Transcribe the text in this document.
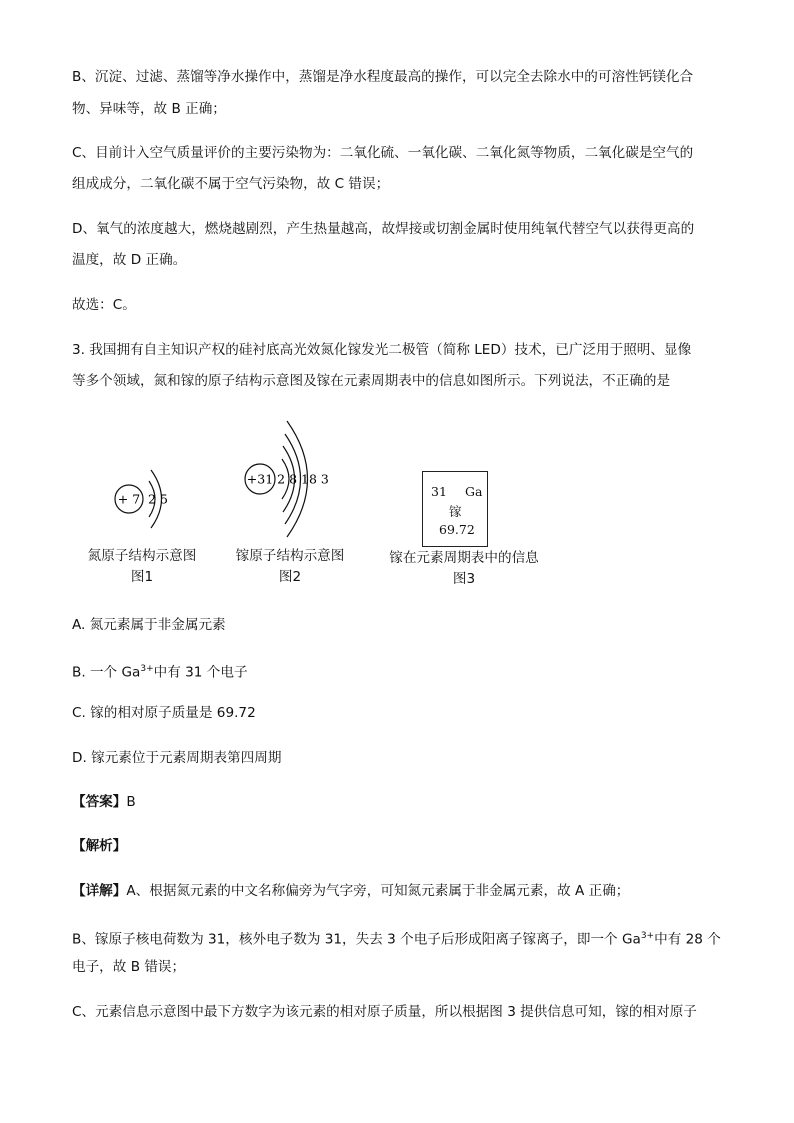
B、沉淀、过滤、蒸馏等净水操作中，蒸馏是净水程度最高的操作，可以完全去除水中的可溶性钙镁化合
物、异味等，故 B 正确；
C、目前计入空气质量评价的主要污染物为：二氧化硫、一氧化碳、二氧化氮等物质，二氧化碳是空气的
组成成分，二氧化碳不属于空气污染物，故 C 错误；
D、氧气的浓度越大，燃烧越剧烈，产生热量越高，故焊接或切割金属时使用纯氧代替空气以获得更高的
温度，故 D 正确。
故选：C。
3. 我国拥有自主知识产权的硅衬底高光效氮化镓发光二极管（简称 LED）技术，已广泛用于照明、显像
等多个领域，氮和镓的原子结构示意图及镓在元素周期表中的信息如图所示。下列说法，不正确的是
+ 7 2 5
+31 2 8 18 3
31 Ga
镓
69.72
氮原子结构示意图
图1
镓原子结构示意图
图2
镓在元素周期表中的信息
图3
A. 氮元素属于非金属元素
B. 一个 $Ga^{3+}$中有 31 个电子
C. 镓的相对原子质量是 69.72
D. 镓元素位于元素周期表第四周期
【答案】B
【解析】
【详解】A、根据氮元素的中文名称偏旁为气字旁，可知氮元素属于非金属元素，故 A 正确；
B、镓原子核电荷数为 31，核外电子数为 31，失去 3 个电子后形成阳离子镓离子，即一个 $Ga^{3+}$中有 28 个
电子，故 B 错误；
C、元素信息示意图中最下方数字为该元素的相对原子质量，所以根据图 3 提供信息可知，镓的相对原子
